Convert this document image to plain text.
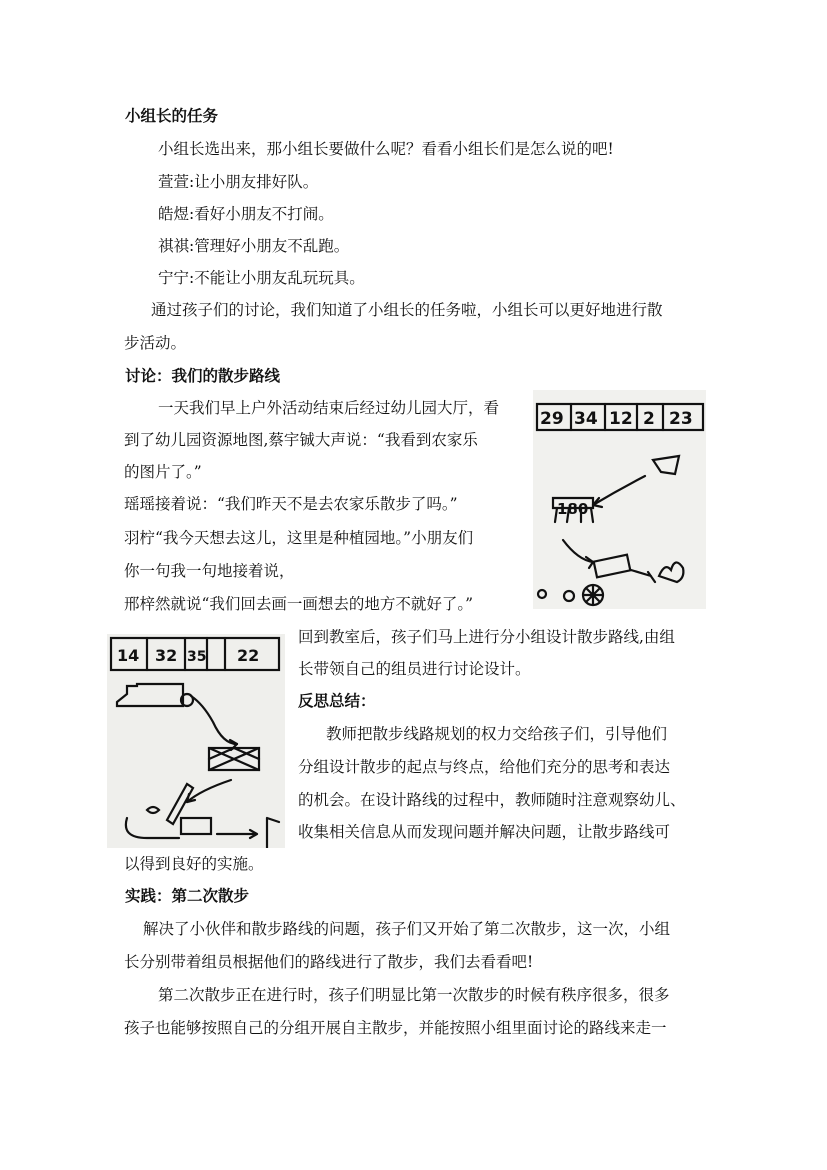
小组长的任务
小组长选出来，那小组长要做什么呢？看看小组长们是怎么说的吧!
萱萱:让小朋友排好队。
皓煜:看好小朋友不打闹。
祺祺:管理好小朋友不乱跑。
宁宁:不能让小朋友乱玩玩具。
通过孩子们的讨论，我们知道了小组长的任务啦，小组长可以更好地进行散
步活动。
讨论：我们的散步路线
一天我们早上户外活动结束后经过幼儿园大厅，看
到了幼儿园资源地图,蔡宇铖大声说：“我看到农家乐
的图片了。”
瑶瑶接着说：“我们昨天不是去农家乐散步了吗。”
羽柠“我今天想去这儿，这里是种植园地。”小朋友们
你一句我一句地接着说，
邢梓然就说“我们回去画一画想去的地方不就好了。”
回到教室后，孩子们马上进行分小组设计散步路线,由组
长带领自己的组员进行讨论设计。
反思总结：
教师把散步线路规划的权力交给孩子们，引导他们
分组设计散步的起点与终点，给他们充分的思考和表达
的机会。在设计路线的过程中，教师随时注意观察幼儿、
收集相关信息从而发现问题并解决问题，让散步路线可
以得到良好的实施。
实践：第二次散步
解决了小伙伴和散步路线的问题，孩子们又开始了第二次散步，这一次，小组
长分别带着组员根据他们的路线进行了散步，我们去看看吧!
第二次散步正在进行时，孩子们明显比第一次散步的时候有秩序很多，很多
孩子也能够按照自己的分组开展自主散步，并能按照小组里面讨论的路线来走一
29 34 12 2 23
180
14 32 35 22
